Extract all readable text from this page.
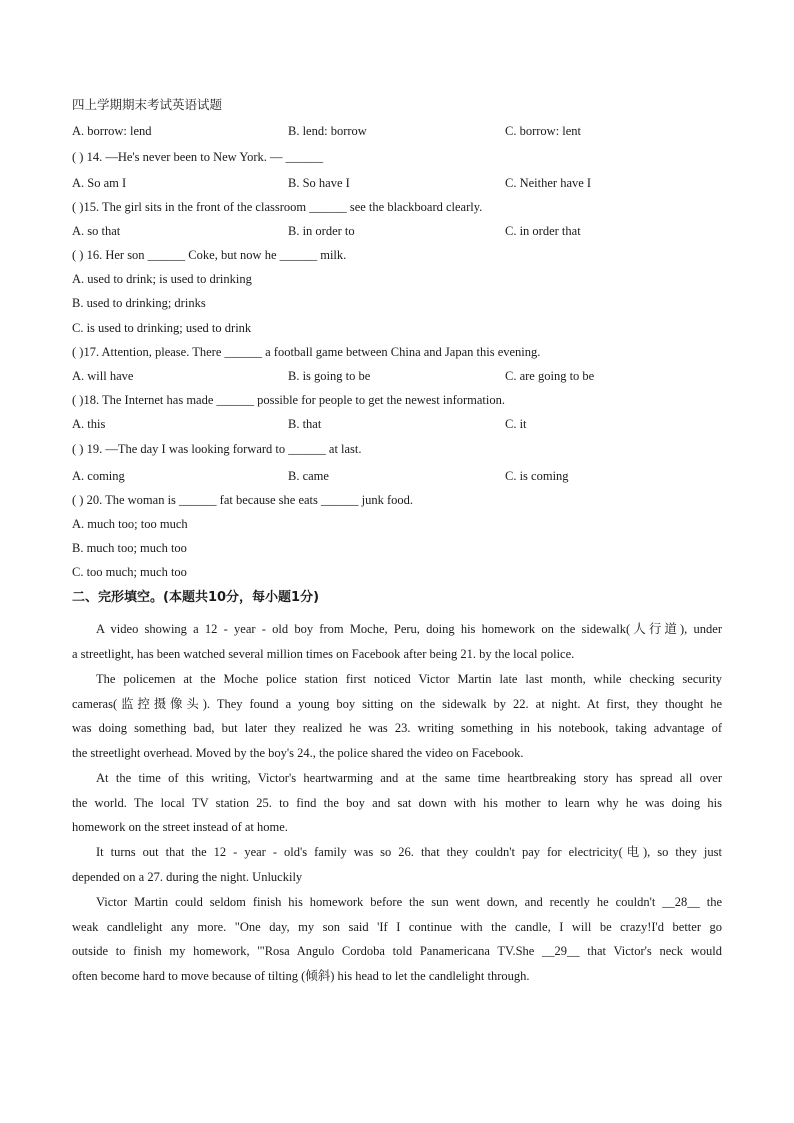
四上学期期末考试英语试题
A. borrow: lend	B. lend: borrow	C. borrow: lent
( ) 14. —He's never been to New York. — ______
A. So am I	B. So have I	C. Neither have I
( )15. The girl sits in the front of the classroom ______ see the blackboard clearly.
A. so that	B. in order to	C. in order that
( ) 16. Her son ______ Coke, but now he ______ milk.
A. used to drink; is used to drinking
B. used to drinking; drinks
C. is used to drinking; used to drink
( )17. Attention, please. There ______ a football game between China and Japan this evening.
A. will have	B. is going to be	C. are going to be
( )18. The Internet has made ______ possible for people to get the newest information.
A. this	B. that	C. it
( ) 19. —The day I was looking forward to ______ at last.
A. coming	B. came	C. is coming
( ) 20. The woman is ______ fat because she eats ______ junk food.
A. much too; too much
B. much too; much too
C. too much; much too
二、完形填空。(本题共10分，每小题1分)
A video showing a 12 - year - old boy from Moche, Peru, doing his homework on the sidewalk(人行道), under
a streetlight, has been watched several million times on Facebook after being 21. by the local police.
The policemen at the Moche police station first noticed Victor Martin late last month, while checking security
cameras(监控摄像头). They found a young boy sitting on the sidewalk by 22. at night. At first, they thought he
was doing something bad, but later they realized he was 23. writing something in his notebook, taking advantage of
the streetlight overhead. Moved by the boy's 24., the police shared the video on Facebook.
At the time of this writing, Victor's heartwarming and at the same time heartbreaking story has spread all over
the world. The local TV station 25. to find the boy and sat down with his mother to learn why he was doing his
homework on the street instead of at home.
It turns out that the 12 - year - old's family was so 26. that they couldn't pay for electricity(电), so they just
depended on a 27. during the night. Unluckily
Victor Martin could seldom finish his homework before the sun went down, and recently he couldn't __28__ the
weak candlelight any more. "One day, my son said 'If I continue with the candle, I will be crazy!I'd better go
outside to finish my homework, '"Rosa Angulo Cordoba told Panamericana TV.She __29__ that Victor's neck would
often become hard to move because of tilting (倾斜) his head to let the candlelight through.
